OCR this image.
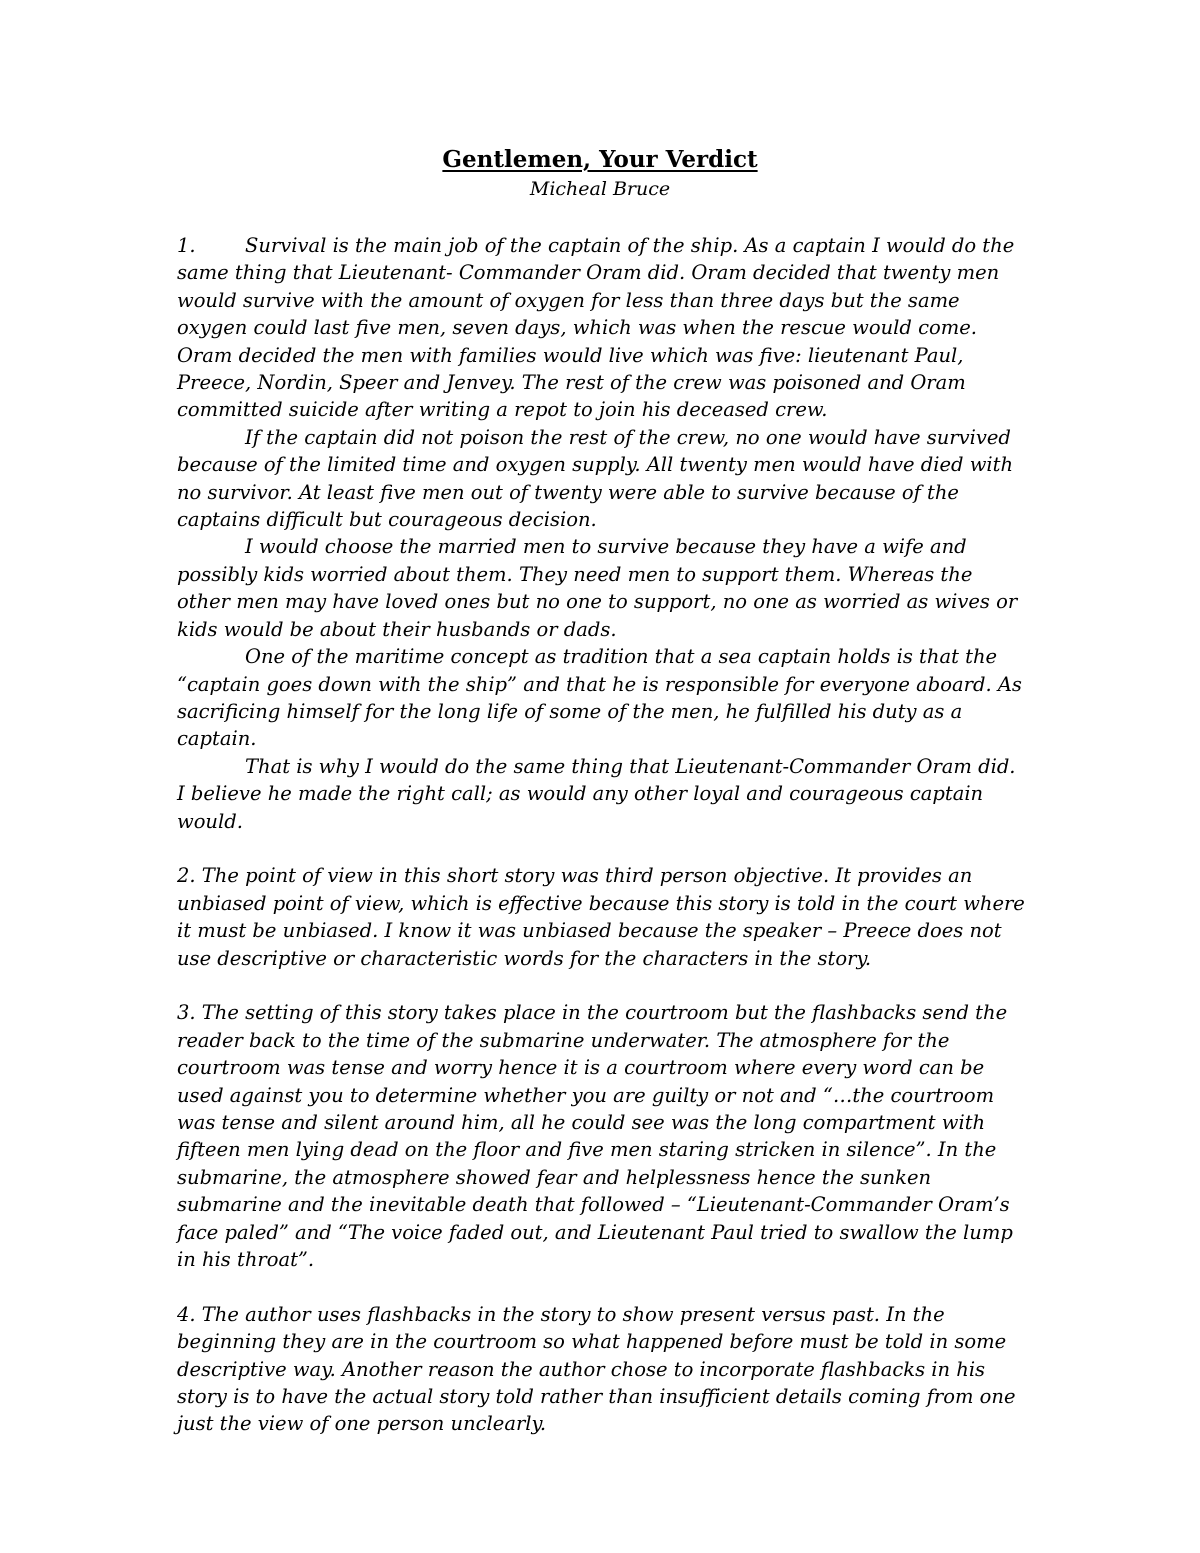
Gentlemen, Your Verdict
Micheal Bruce

1.	Survival is the main job of the captain of the ship. As a captain I would do the same thing that Lieutenant- Commander Oram did. Oram decided that twenty men would survive with the amount of oxygen for less than three days but the same oxygen could last five men, seven days, which was when the rescue would come. Oram decided the men with families would live which was five: lieutenant Paul, Preece, Nordin, Speer and Jenvey. The rest of the crew was poisoned and Oram committed suicide after writing a repot to join his deceased crew.

If the captain did not poison the rest of the crew, no one would have survived because of the limited time and oxygen supply. All twenty men would have died with no survivor. At least five men out of twenty were able to survive because of the captains difficult but courageous decision.

I would choose the married men to survive because they have a wife and possibly kids worried about them. They need men to support them. Whereas the other men may have loved ones but no one to support, no one as worried as wives or kids would be about their husbands or dads.

One of the maritime concept as tradition that a sea captain holds is that the “captain goes down with the ship” and that he is responsible for everyone aboard. As sacrificing himself for the long life of some of the men, he fulfilled his duty as a captain.

That is why I would do the same thing that Lieutenant-Commander Oram did. I believe he made the right call; as would any other loyal and courageous captain would.

2. The point of view in this short story was third person objective. It provides an unbiased point of view, which is effective because this story is told in the court where it must be unbiased. I know it was unbiased because the speaker – Preece does not use descriptive or characteristic words for the characters in the story.

3. The setting of this story takes place in the courtroom but the flashbacks send the reader back to the time of the submarine underwater. The atmosphere for the courtroom was tense and worry hence it is a courtroom where every word can be used against you to determine whether you are guilty or not and “…the courtroom was tense and silent around him, all he could see was the long compartment with fifteen men lying dead on the floor and five men staring stricken in silence”. In the submarine, the atmosphere showed fear and helplessness hence the sunken submarine and the inevitable death that followed – “Lieutenant-Commander Oram’s face paled” and “The voice faded out, and Lieutenant Paul tried to swallow the lump in his throat”.

4. The author uses flashbacks in the story to show present versus past. In the beginning they are in the courtroom so what happened before must be told in some descriptive way. Another reason the author chose to incorporate flashbacks in his story is to have the actual story told rather than insufficient details coming from one just the view of one person unclearly.
